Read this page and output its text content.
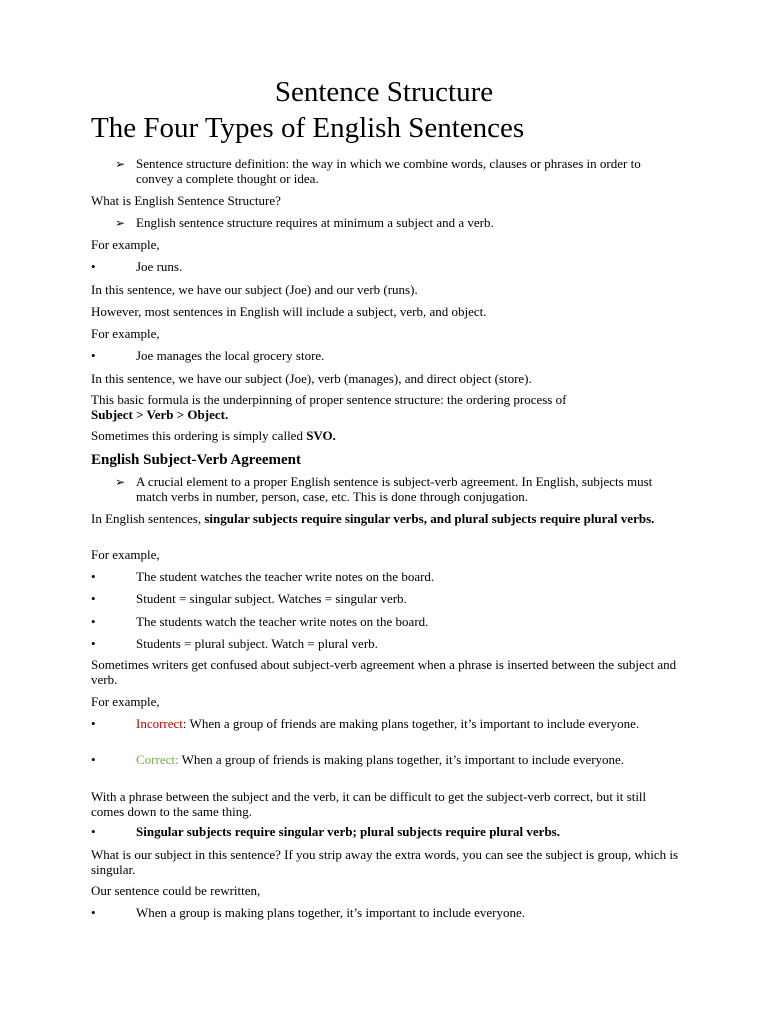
Sentence Structure
The Four Types of English Sentences
➢ Sentence structure definition: the way in which we combine words, clauses or phrases in order to convey a complete thought or idea.

What is English Sentence Structure?

➢ English sentence structure requires at minimum a subject and a verb.

For example,

•	Joe runs.

In this sentence, we have our subject (Joe) and our verb (runs).

However, most sentences in English will include a subject, verb, and object.

For example,

•	Joe manages the local grocery store.

In this sentence, we have our subject (Joe), verb (manages), and direct object (store).

This basic formula is the underpinning of proper sentence structure: the ordering process of
Subject > Verb > Object.

Sometimes this ordering is simply called SVO.

English Subject-Verb Agreement
➢ A crucial element to a proper English sentence is subject-verb agreement. In English, subjects must match verbs in number, person, case, etc. This is done through conjugation.

In English sentences, singular subjects require singular verbs, and plural subjects require plural verbs.

For example,

•	The student watches the teacher write notes on the board.
•	Student = singular subject. Watches = singular verb.
•	The students watch the teacher write notes on the board.
•	Students = plural subject. Watch = plural verb.

Sometimes writers get confused about subject-verb agreement when a phrase is inserted between the subject and verb.

For example,

•	Incorrect: When a group of friends are making plans together, it’s important to include everyone.
•	Correct: When a group of friends is making plans together, it’s important to include everyone.

With a phrase between the subject and the verb, it can be difficult to get the subject-verb correct, but it still comes down to the same thing.

•	Singular subjects require singular verb; plural subjects require plural verbs.

What is our subject in this sentence? If you strip away the extra words, you can see the subject is group, which is singular.

Our sentence could be rewritten,

•	When a group is making plans together, it’s important to include everyone.
